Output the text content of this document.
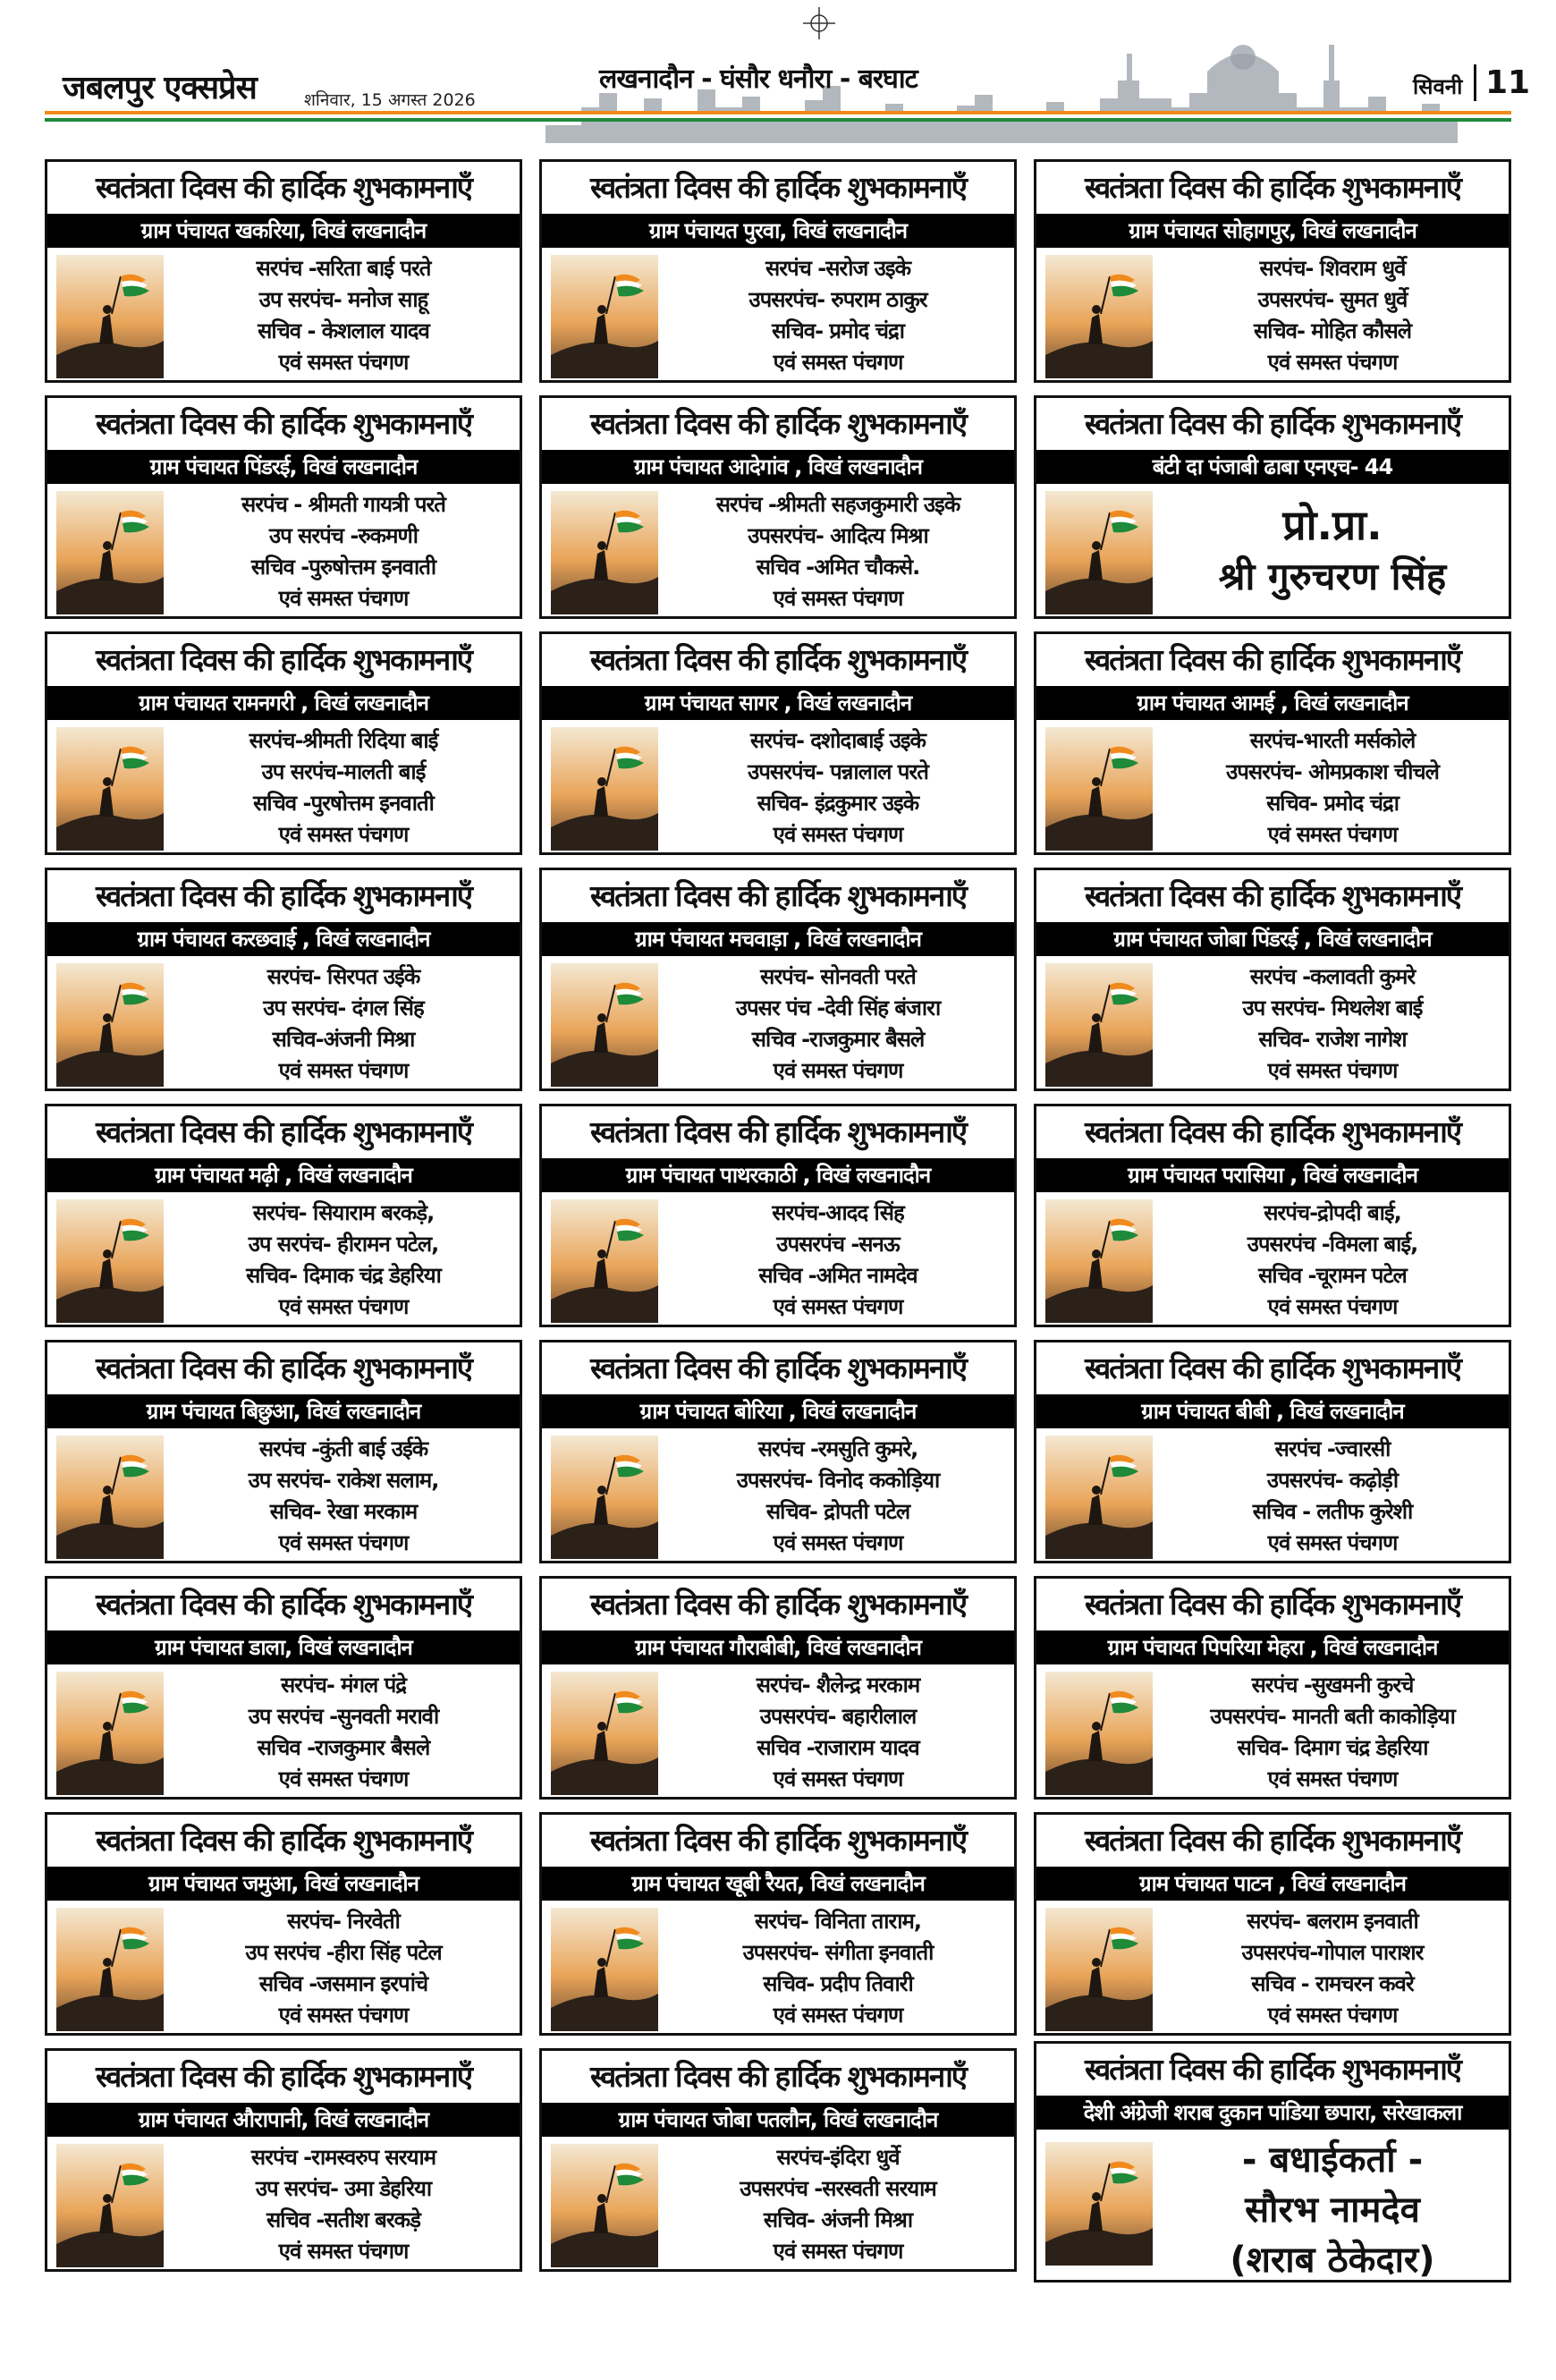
जबलपुर एक्सप्रेस	शनिवार, 15 अगस्त 2026
लखनादौन - घंसौर धनौरा - बरघाट	सिवनी 11
स्वतंत्रता दिवस की हार्दिक शुभकामनाएँ
ग्राम पंचायत खकरिया, विखं लखनादौन
सरपंच -सरिता बाई परते
उप सरपंच- मनोज साहू
सचिव - केशलाल यादव
एवं समस्त पंचगण
स्वतंत्रता दिवस की हार्दिक शुभकामनाएँ
ग्राम पंचायत पुरवा, विखं लखनादौन
सरपंच -सरोज उइके
उपसरपंच- रुपराम ठाकुर
सचिव- प्रमोद चंद्रा
एवं समस्त पंचगण
स्वतंत्रता दिवस की हार्दिक शुभकामनाएँ
ग्राम पंचायत सोहागपुर, विखं लखनादौन
सरपंच- शिवराम धुर्वे
उपसरपंच- सुमत धुर्वे
सचिव- मोहित कौसले
एवं समस्त पंचगण
स्वतंत्रता दिवस की हार्दिक शुभकामनाएँ
ग्राम पंचायत पिंडरई, विखं लखनादौन
सरपंच - श्रीमती गायत्री परते
उप सरपंच -रुकमणी
सचिव -पुरुषोत्तम इनवाती
एवं समस्त पंचगण
स्वतंत्रता दिवस की हार्दिक शुभकामनाएँ
ग्राम पंचायत आदेगांव , विखं लखनादौन
सरपंच -श्रीमती सहजकुमारी उइके
उपसरपंच- आदित्य मिश्रा
सचिव -अमित चौकसे.
एवं समस्त पंचगण
स्वतंत्रता दिवस की हार्दिक शुभकामनाएँ
बंटी दा पंजाबी ढाबा एनएच- 44
प्रो.प्रा.
श्री गुरुचरण सिंह
स्वतंत्रता दिवस की हार्दिक शुभकामनाएँ
ग्राम पंचायत रामनगरी , विखं लखनादौन
सरपंच-श्रीमती रिदिया बाई
उप सरपंच-मालती बाई
सचिव -पुरषोत्तम इनवाती
एवं समस्त पंचगण
स्वतंत्रता दिवस की हार्दिक शुभकामनाएँ
ग्राम पंचायत सागर , विखं लखनादौन
सरपंच- दशोदाबाई उइके
उपसरपंच- पन्नालाल परते
सचिव- इंद्रकुमार उइके
एवं समस्त पंचगण
स्वतंत्रता दिवस की हार्दिक शुभकामनाएँ
ग्राम पंचायत आमई , विखं लखनादौन
सरपंच-भारती मर्सकोले
उपसरपंच- ओमप्रकाश चीचले
सचिव- प्रमोद चंद्रा
एवं समस्त पंचगण
स्वतंत्रता दिवस की हार्दिक शुभकामनाएँ
ग्राम पंचायत करछवाई , विखं लखनादौन
सरपंच- सिरपत उईके
उप सरपंच- दंगल सिंह
सचिव-अंजनी मिश्रा
एवं समस्त पंचगण
स्वतंत्रता दिवस की हार्दिक शुभकामनाएँ
ग्राम पंचायत मचवाड़ा , विखं लखनादौन
सरपंच- सोनवती परते
उपसर पंच -देवी सिंह बंजारा
सचिव -राजकुमार बैसले
एवं समस्त पंचगण
स्वतंत्रता दिवस की हार्दिक शुभकामनाएँ
ग्राम पंचायत जोबा पिंडरई , विखं लखनादौन
सरपंच -कलावती कुमरे
उप सरपंच- मिथलेश बाई
सचिव- राजेश नागेश
एवं समस्त पंचगण
स्वतंत्रता दिवस की हार्दिक शुभकामनाएँ
ग्राम पंचायत मढ़ी , विखं लखनादौन
सरपंच- सियाराम बरकड़े,
उप सरपंच- हीरामन पटेल,
सचिव- दिमाक चंद्र डेहरिया
एवं समस्त पंचगण
स्वतंत्रता दिवस की हार्दिक शुभकामनाएँ
ग्राम पंचायत पाथरकाठी , विखं लखनादौन
सरपंच-आदद सिंह
उपसरपंच -सनऊ
सचिव -अमित नामदेव
एवं समस्त पंचगण
स्वतंत्रता दिवस की हार्दिक शुभकामनाएँ
ग्राम पंचायत परासिया , विखं लखनादौन
सरपंच-द्रोपदी बाई,
उपसरपंच -विमला बाई,
सचिव -चूरामन पटेल
एवं समस्त पंचगण
स्वतंत्रता दिवस की हार्दिक शुभकामनाएँ
ग्राम पंचायत बिछुआ, विखं लखनादौन
सरपंच -कुंती बाई उईके
उप सरपंच- राकेश सलाम,
सचिव- रेखा मरकाम
एवं समस्त पंचगण
स्वतंत्रता दिवस की हार्दिक शुभकामनाएँ
ग्राम पंचायत बोरिया , विखं लखनादौन
सरपंच -रमसुति कुमरे,
उपसरपंच- विनोद ककोड़िया
सचिव- द्रोपती पटेल
एवं समस्त पंचगण
स्वतंत्रता दिवस की हार्दिक शुभकामनाएँ
ग्राम पंचायत बीबी , विखं लखनादौन
सरपंच -ज्वारसी
उपसरपंच- कढ़ोड़ी
सचिव - लतीफ कुरेशी
एवं समस्त पंचगण
स्वतंत्रता दिवस की हार्दिक शुभकामनाएँ
ग्राम पंचायत डाला, विखं लखनादौन
सरपंच- मंगल पंद्रे
उप सरपंच -सुनवती मरावी
सचिव -राजकुमार बैसले
एवं समस्त पंचगण
स्वतंत्रता दिवस की हार्दिक शुभकामनाएँ
ग्राम पंचायत गौराबीबी, विखं लखनादौन
सरपंच- शैलेन्द्र मरकाम
उपसरपंच- बहारीलाल
सचिव -राजाराम यादव
एवं समस्त पंचगण
स्वतंत्रता दिवस की हार्दिक शुभकामनाएँ
ग्राम पंचायत पिपरिया मेहरा , विखं लखनादौन
सरपंच -सुखमनी कुरचे
उपसरपंच- मानती बती काकोड़िया
सचिव- दिमाग चंद्र डेहरिया
एवं समस्त पंचगण
स्वतंत्रता दिवस की हार्दिक शुभकामनाएँ
ग्राम पंचायत जमुआ, विखं लखनादौन
सरपंच- निरवेती
उप सरपंच -हीरा सिंह पटेल
सचिव -जसमान इरपांचे
एवं समस्त पंचगण
स्वतंत्रता दिवस की हार्दिक शुभकामनाएँ
ग्राम पंचायत खूबी रैयत, विखं लखनादौन
सरपंच- विनिता ताराम,
उपसरपंच- संगीता इनवाती
सचिव- प्रदीप तिवारी
एवं समस्त पंचगण
स्वतंत्रता दिवस की हार्दिक शुभकामनाएँ
ग्राम पंचायत पाटन , विखं लखनादौन
सरपंच- बलराम इनवाती
उपसरपंच-गोपाल पाराशर
सचिव - रामचरन कवरे
एवं समस्त पंचगण
स्वतंत्रता दिवस की हार्दिक शुभकामनाएँ
ग्राम पंचायत औरापानी, विखं लखनादौन
सरपंच -रामस्वरुप सरयाम
उप सरपंच- उमा डेहरिया
सचिव -सतीश बरकड़े
एवं समस्त पंचगण
स्वतंत्रता दिवस की हार्दिक शुभकामनाएँ
ग्राम पंचायत जोबा पतलौन, विखं लखनादौन
सरपंच-इंदिरा धुर्वे
उपसरपंच -सरस्वती सरयाम
सचिव- अंजनी मिश्रा
एवं समस्त पंचगण
स्वतंत्रता दिवस की हार्दिक शुभकामनाएँ
देशी अंग्रेजी शराब दुकान पांडिया छपारा, सरेखाकला
- बधाईकर्ता -
सौरभ नामदेव
(शराब ठेकेदार)
